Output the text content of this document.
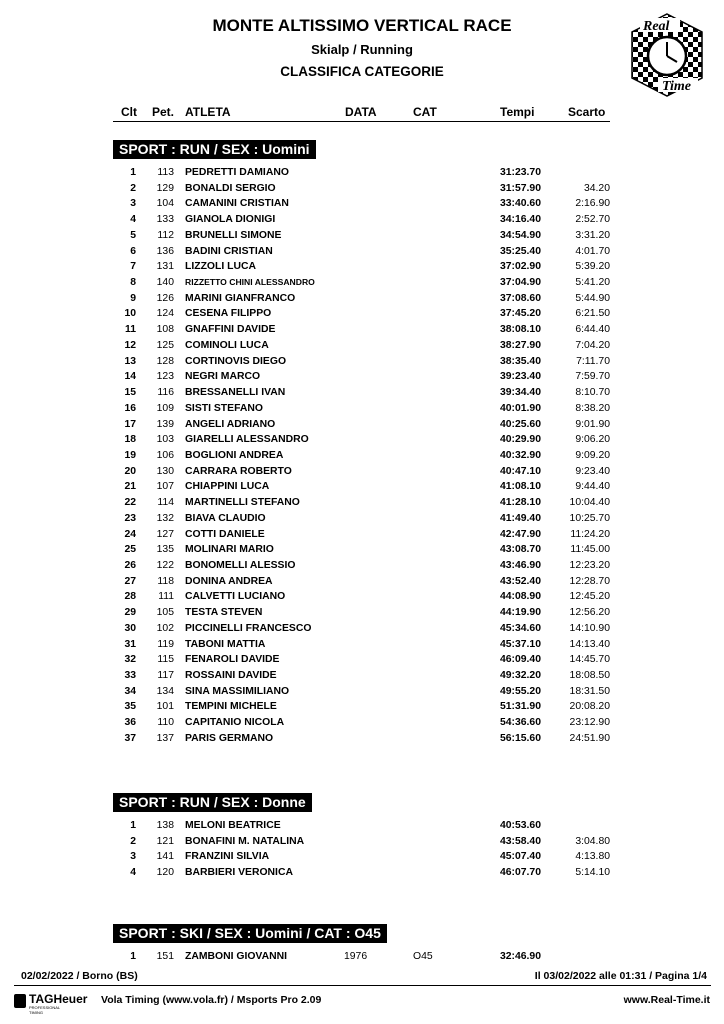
MONTE ALTISSIMO VERTICAL RACE
Skialp / Running
CLASSIFICA CATEGORIE
Real
Time
Clt Pet. ATLETA	DATA	CAT	Tempi	Scarto
SPORT : RUN / SEX : Uomini
1	113 PEDRETTI DAMIANO	31:23.70
2	129 BONALDI SERGIO	31:57.90	34.20
3	104 CAMANINI CRISTIAN	33:40.60	2:16.90
4	133 GIANOLA DIONIGI	34:16.40	2:52.70
5	112 BRUNELLI SIMONE	34:54.90	3:31.20
6	136 BADINI CRISTIAN	35:25.40	4:01.70
7	131 LIZZOLI LUCA	37:02.90	5:39.20
8	140 RIZZETTO CHINI ALESSANDRO	37:04.90	5:41.20
9	126 MARINI GIANFRANCO	37:08.60	5:44.90
10	124 CESENA FILIPPO	37:45.20	6:21.50
11	108 GNAFFINI DAVIDE	38:08.10	6:44.40
12	125 COMINOLI LUCA	38:27.90	7:04.20
13	128 CORTINOVIS DIEGO	38:35.40	7:11.70
14	123 NEGRI MARCO	39:23.40	7:59.70
15	116 BRESSANELLI IVAN	39:34.40	8:10.70
16	109 SISTI STEFANO	40:01.90	8:38.20
17	139 ANGELI ADRIANO	40:25.60	9:01.90
18	103 GIARELLI ALESSANDRO	40:29.90	9:06.20
19	106 BOGLIONI ANDREA	40:32.90	9:09.20
20	130 CARRARA ROBERTO	40:47.10	9:23.40
21	107 CHIAPPINI LUCA	41:08.10	9:44.40
22	114 MARTINELLI STEFANO	41:28.10	10:04.40
23	132 BIAVA CLAUDIO	41:49.40	10:25.70
24	127 COTTI DANIELE	42:47.90	11:24.20
25	135 MOLINARI MARIO	43:08.70	11:45.00
26	122 BONOMELLI ALESSIO	43:46.90	12:23.20
27	118 DONINA ANDREA	43:52.40	12:28.70
28	111 CALVETTI LUCIANO	44:08.90	12:45.20
29	105 TESTA STEVEN	44:19.90	12:56.20
30	102 PICCINELLI FRANCESCO	45:34.60	14:10.90
31	119 TABONI MATTIA	45:37.10	14:13.40
32	115 FENAROLI DAVIDE	46:09.40	14:45.70
33	117 ROSSAINI DAVIDE	49:32.20	18:08.50
34	134 SINA MASSIMILIANO	49:55.20	18:31.50
35	101 TEMPINI MICHELE	51:31.90	20:08.20
36	110 CAPITANIO NICOLA	54:36.60	23:12.90
37	137 PARIS GERMANO	56:15.60	24:51.90
SPORT : RUN / SEX : Donne
1	138 MELONI BEATRICE	40:53.60
2	121 BONAFINI M. NATALINA	43:58.40	3:04.80
3	141 FRANZINI SILVIA	45:07.40	4:13.80
4	120 BARBIERI VERONICA	46:07.70	5:14.10
SPORT : SKI / SEX : Uomini / CAT : O45
1	151 ZAMBONI GIOVANNI	1976	O45	32:46.90
02/02/2022 / Borno (BS)	Il 03/02/2022 alle 01:31 / Pagina 1/4
TAGHeuer
PROFESSIONAL TIMING
Vola Timing (www.vola.fr) / Msports Pro 2.09	www.Real-Time.it
